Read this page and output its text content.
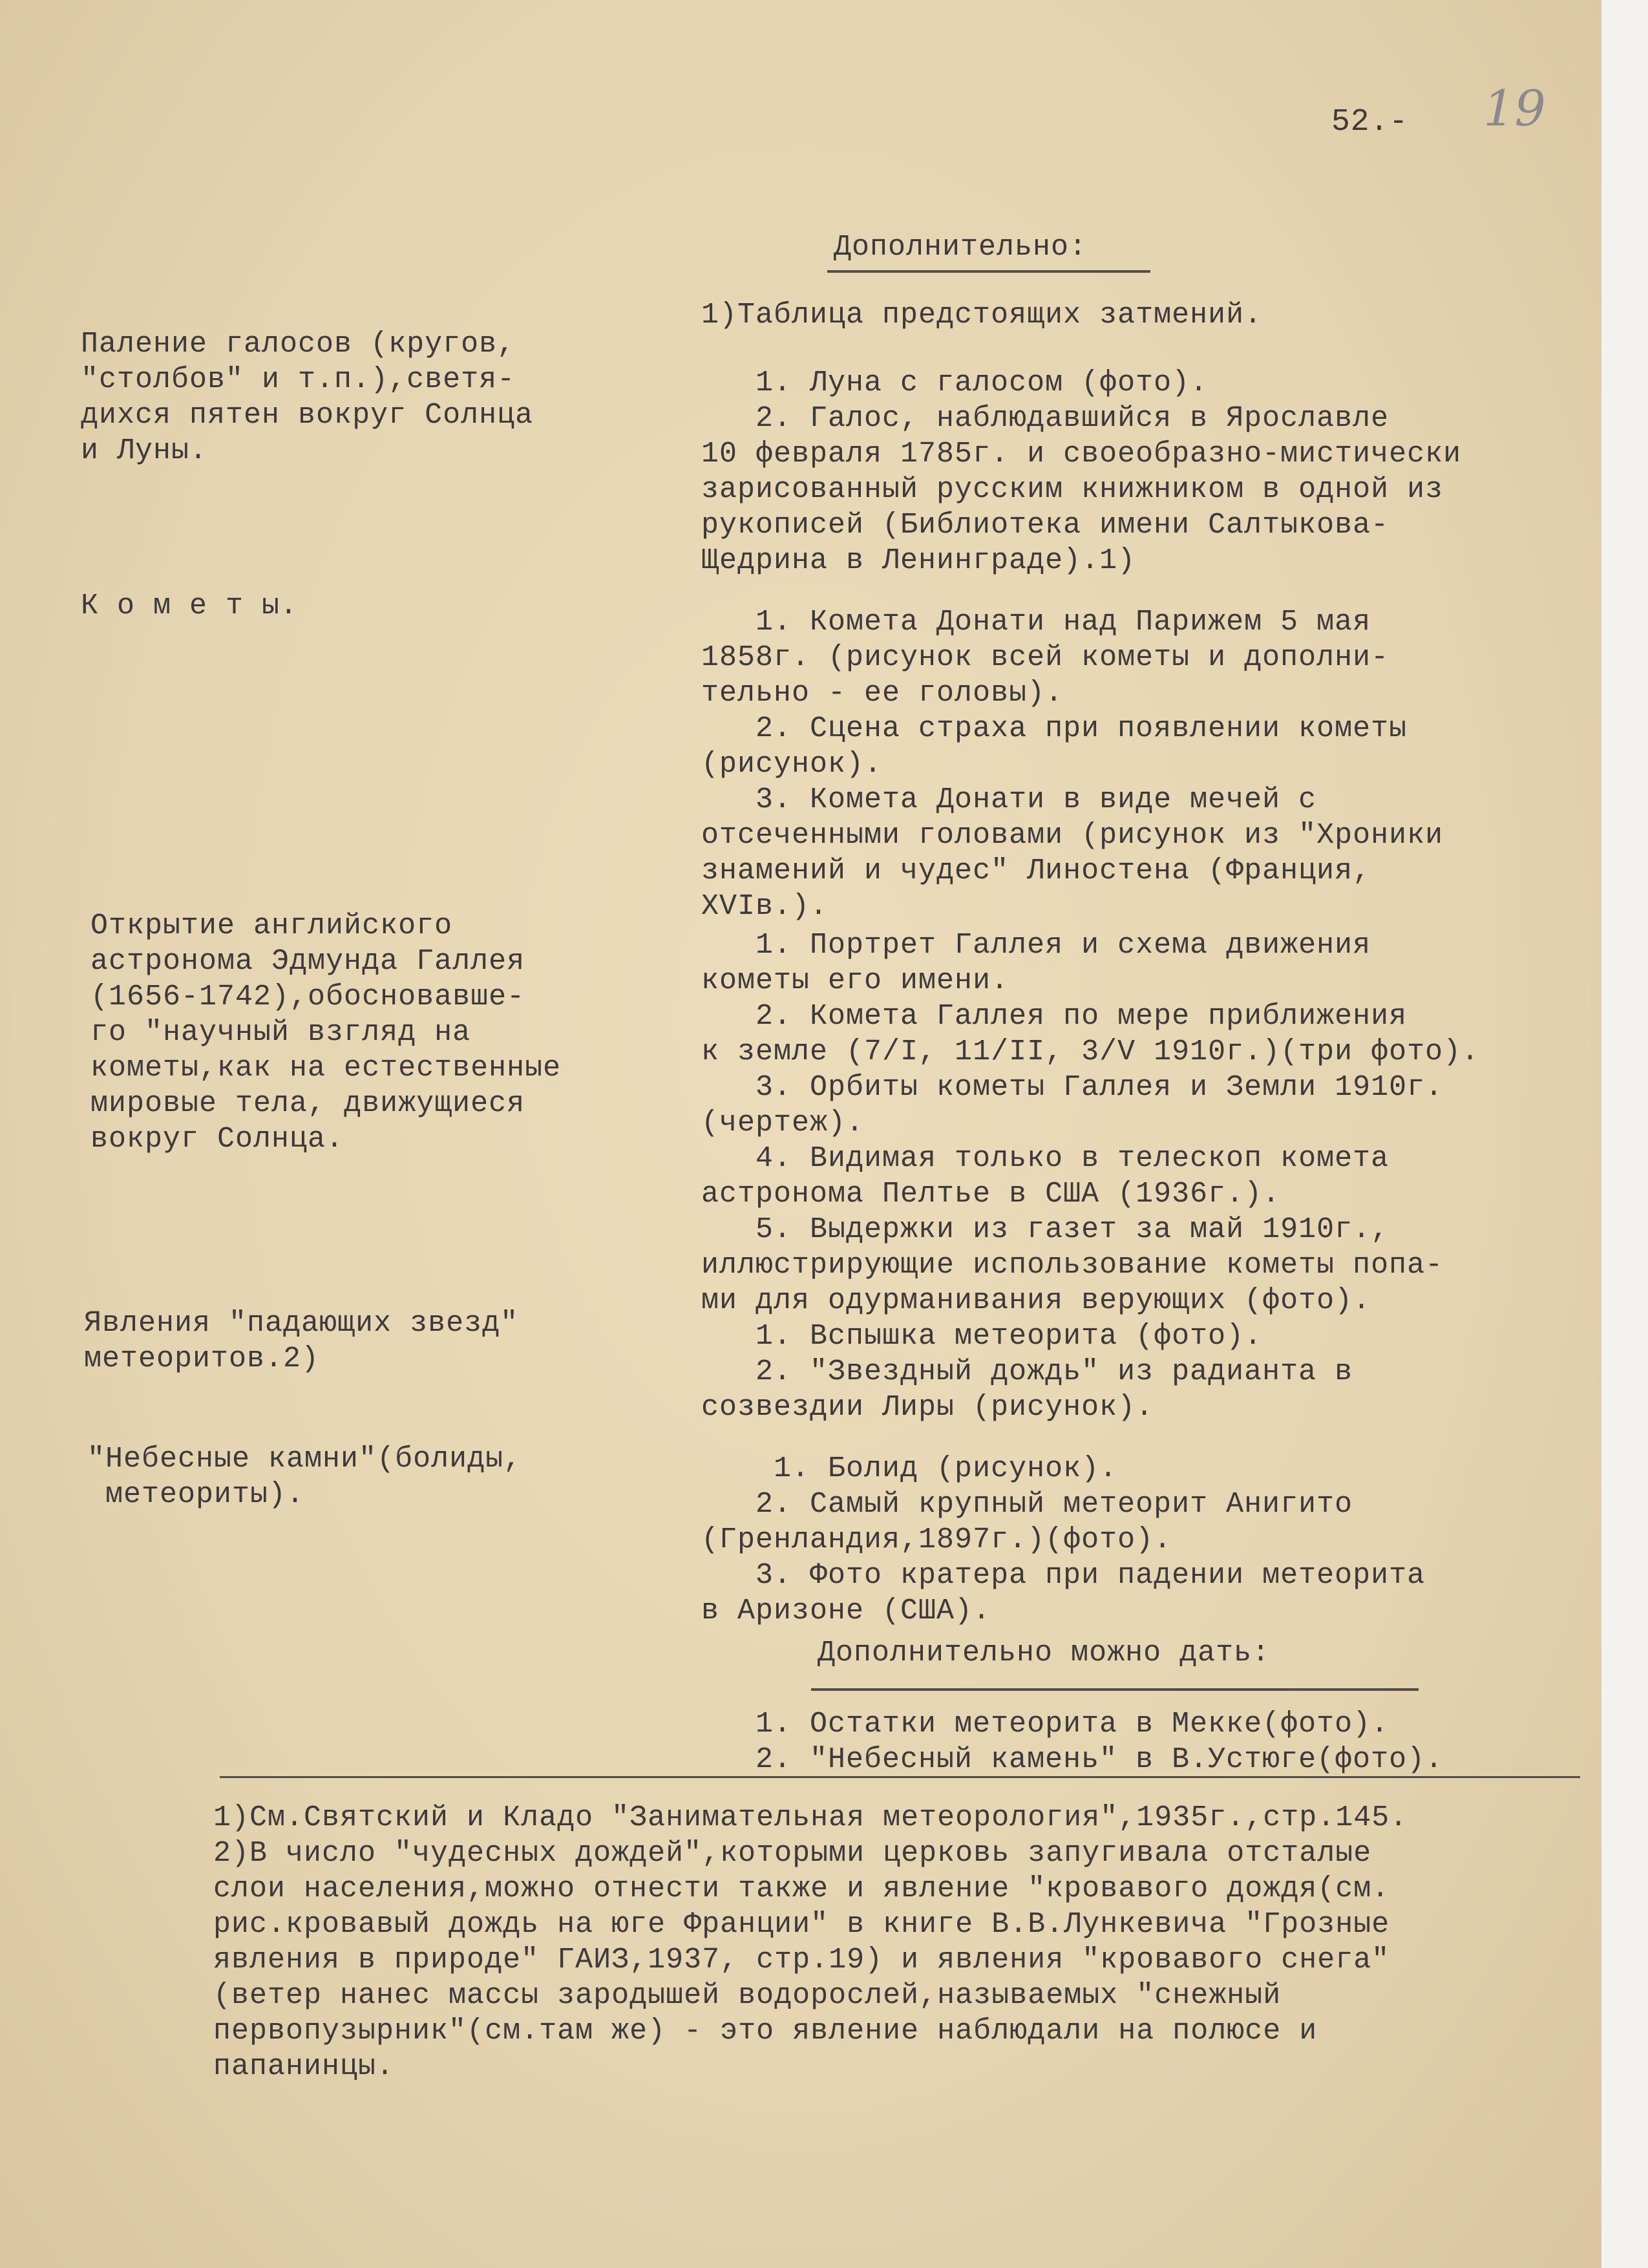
52.- 19
Дополнительно:
Паление галосов (кругов,
"столбов" и т.п.),светя-
дихся пятен вокруг Солнца
и Луны.
К о м е т ы.
Открытие английского
астронома Эдмунда Галлея
(1656-1742),обосновавше-
го "научный взгляд на
кометы,как на естественные
мировые тела, движущиеся
вокруг Солнца.
Явления "падающих звезд"
метеоритов.2)
"Небесные камни"(болиды,
метеориты).
1)Таблица предстоящих затмений.
1. Луна с галосом (фото).
2. Галос, наблюдавшийся в Ярославле
10 февраля 1785г. и своеобразно-мистически
зарисованный русским книжником в одной из
рукописей (Библиотека имени Салтыкова-
Щедрина в Ленинграде).1)
1. Комета Донати над Парижем 5 мая
1858г. (рисунок всей кометы и дополни-
тельно - ее головы).
2. Сцена страха при появлении кометы
(рисунок).
3. Комета Донати в виде мечей с
отсеченными головами (рисунок из "Хроники
знамений и чудес" Линостена (Франция,
XVIв.).
1. Портрет Галлея и схема движения
кометы его имени.
2. Комета Галлея по мере приближения
к земле (7/I, 11/II, 3/V 1910г.)(три фото).
3. Орбиты кометы Галлея и Земли 1910г.
(чертеж).
4. Видимая только в телескоп комета
астронома Пелтье в США (1936г.).
5. Выдержки из газет за май 1910г.,
иллюстрирующие использование кометы попа-
ми для одурманивания верующих (фото).
1. Вспышка метеорита (фото).
2. "Звездный дождь" из радианта в
созвездии Лиры (рисунок).
1. Болид (рисунок).
2. Самый крупный метеорит Анигито
(Гренландия,1897г.)(фото).
3. Фото кратера при падении метеорита
в Аризоне (США).
Дополнительно можно дать:
1. Остатки метеорита в Мекке(фото).
2. "Небесный камень" в В.Устюге(фото).
1)См.Святский и Кладо "Занимательная метеорология",1935г.,стр.145.
2)В число "чудесных дождей",которыми церковь запугивала отсталые
слои населения,можно отнести также и явление "кровавого дождя(см.
рис.кровавый дождь на юге Франции" в книге В.В.Лункевича "Грозные
явления в природе" ГАИЗ,1937, стр.19) и явления "кровавого снега"
(ветер нанес массы зародышей водорослей,называемых "снежный
первопузырник"(см.там же) - это явление наблюдали на полюсе и
папанинцы.
